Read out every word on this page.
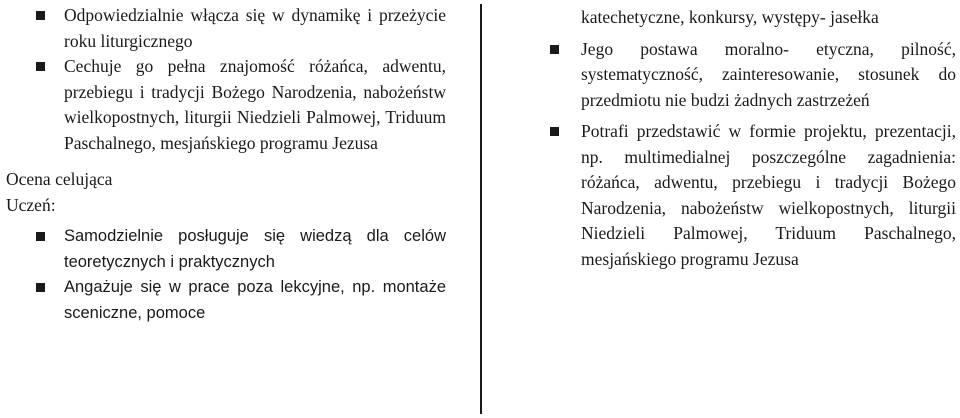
Odpowiedzialnie włącza się w dynamikę i przeżycie roku liturgicznego
Cechuje go pełna znajomość różańca, adwentu, przebiegu i tradycji Bożego Narodzenia, nabożeństw wielkopostnych, liturgii Niedzieli Palmowej, Triduum Paschalnego, mesjańskiego programu Jezusa

Ocena celująca

Uczeń:

Samodzielnie posługuje się wiedzą dla celów teoretycznych i praktycznych
Angażuje się w prace poza lekcyjne, np. montaże sceniczne, pomoce
katechetyczne, konkursy, występy- jasełka
Jego postawa moralno- etyczna, pilność, systematyczność, zainteresowanie, stosunek do przedmiotu nie budzi żadnych zastrzeżeń
Potrafi przedstawić w formie projektu, prezentacji, np. multimedialnej poszczególne zagadnienia: różańca, adwentu, przebiegu i tradycji Bożego Narodzenia, nabożeństw wielkopostnych, liturgii Niedzieli Palmowej, Triduum Paschalnego, mesjańskiego programu Jezusa
